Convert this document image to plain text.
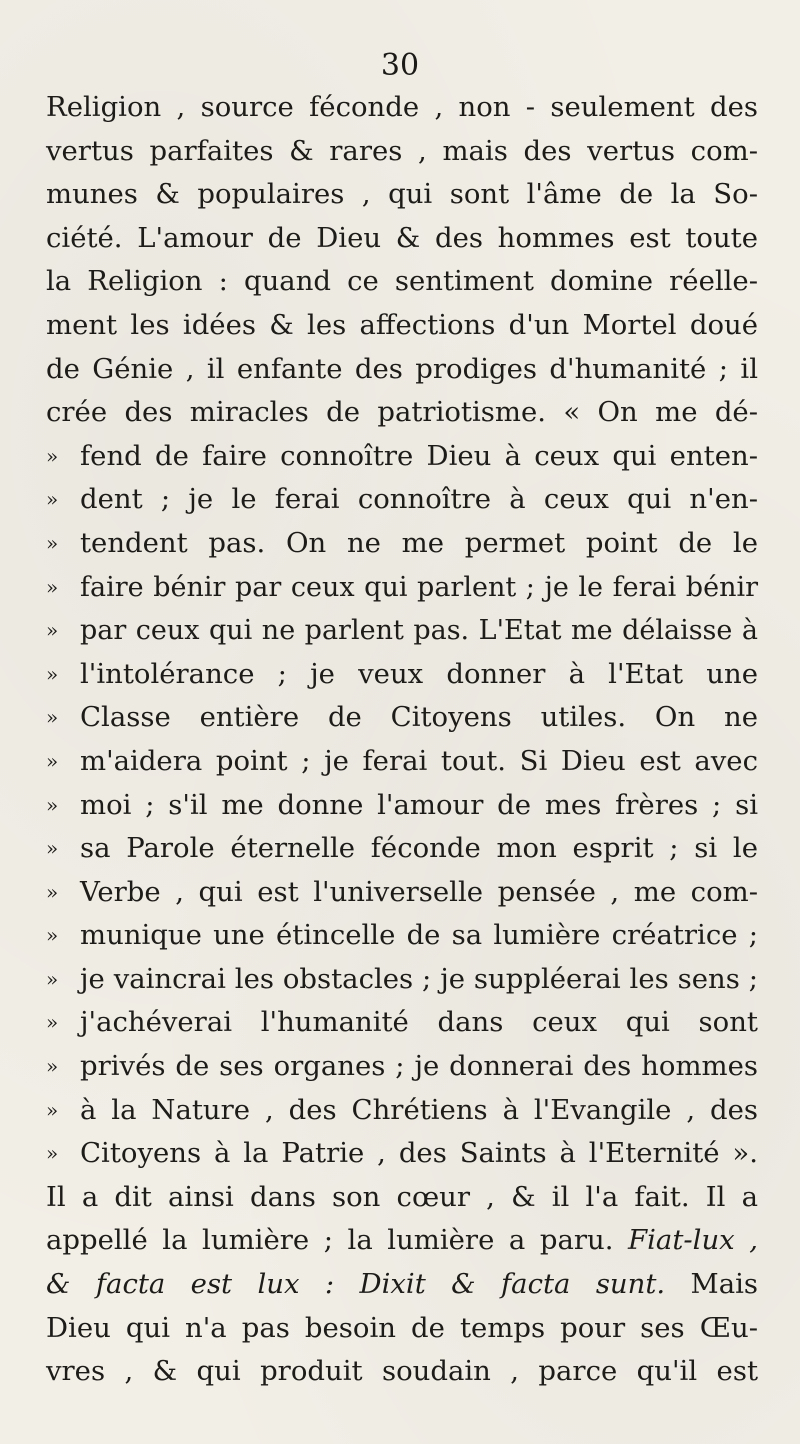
30
Religion , source féconde , non - seulement des
vertus parfaites & rares , mais des vertus com-
munes & populaires , qui sont l'âme de la So-
ciété. L'amour de Dieu & des hommes est toute
la Religion : quand ce sentiment domine réelle-
ment les idées & les affections d'un Mortel doué
de Génie , il enfante des prodiges d'humanité ; il
crée des miracles de patriotisme. « On me dé-
» fend de faire connoître Dieu à ceux qui enten-
» dent ; je le ferai connoître à ceux qui n'en-
» tendent pas. On ne me permet point de le
» faire bénir par ceux qui parlent ; je le ferai bénir
» par ceux qui ne parlent pas. L'Etat me délaisse à
» l'intolérance ; je veux donner à l'Etat une
» Classe entière de Citoyens utiles. On ne
» m'aidera point ; je ferai tout. Si Dieu est avec
» moi ; s'il me donne l'amour de mes frères ; si
» sa Parole éternelle féconde mon esprit ; si le
» Verbe , qui est l'universelle pensée , me com-
» munique une étincelle de sa lumière créatrice ;
» je vaincrai les obstacles ; je suppléerai les sens ;
» j'achéverai l'humanité dans ceux qui sont
» privés de ses organes ; je donnerai des hommes
» à la Nature , des Chrétiens à l'Evangile , des
» Citoyens à la Patrie , des Saints à l'Eternité ».
Il a dit ainsi dans son cœur , & il l'a fait. Il a
appellé la lumière ; la lumière a paru. Fiat-lux ,
& facta est lux : Dixit & facta sunt. Mais
Dieu qui n'a pas besoin de temps pour ses Œu-
vres , & qui produit soudain , parce qu'il est
